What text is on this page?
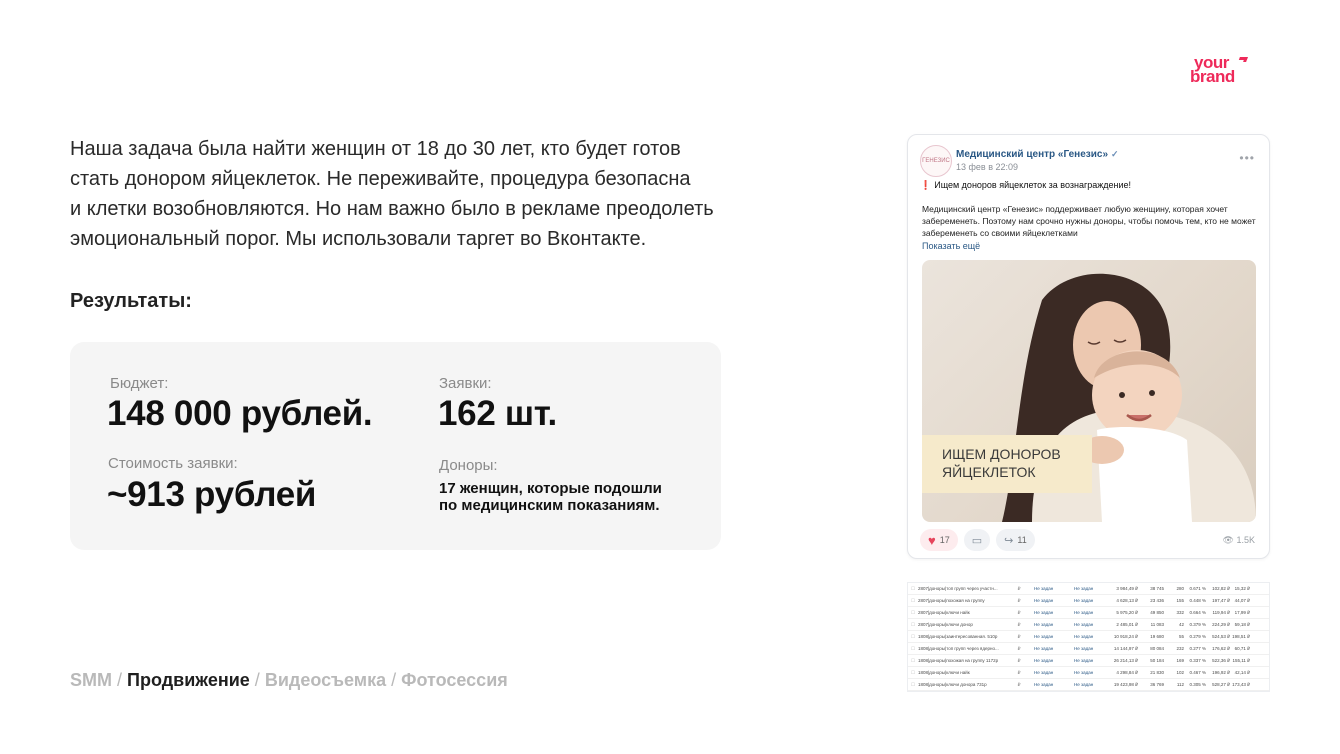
your
brand
Наша задача была найти женщин от 18 до 30 лет, кто будет готов
стать донором яйцеклеток. Не переживайте, процедура безопасна
и клетки возобновляются. Но нам важно было в рекламе преодолеть
эмоциональный порог. Мы использовали таргет во Вконтакте.
Результаты:
Бюджет:
148 000 рублей.
Заявки:
162 шт.
Стоимость заявки:
~913 рублей
Доноры:
17 женщин, которые подошли
по медицинским показаниям.
SMM / Продвижение / Видеосъемка / Фотосессия
ГЕНЕЗИС
Медицинский центр «Генезис» ✓
13 фев в 22:09
•••
❗ Ищем доноров яйцеклеток за вознаграждение!
Медицинский центр «Генезис» поддерживает любую женщину, которая хочет забеременеть. Поэтому нам срочно нужны доноры, чтобы помочь тем, кто не может забеременеть со своими яйцеклетками
Показать ещё
ИЩЕМ ДОНОРОВ
ЯЙЦЕКЛЕТОК
♥ 17 ▭ ↪ 11	👁 1.5K
☐ 2807|доноры|топ групп через участн...	₽	Не задан	Не задан	3 984,49 ₽	38 745	280	0.671 %	102,82 ₽	15,32 ₽
☐ 2807|доноры|похожая на группу	₽	Не задан	Не задан	4 628,13 ₽	23 436	155	0.448 %	197,47 ₽	44,07 ₽
☐ 2807|доноры|ключи найк	₽	Не задан	Не задан	5 975,20 ₽	49 850	332	0.664 %	119,94 ₽	17,99 ₽
☐ 2807|доноры|ключи донор	₽	Не задан	Не задан	2 485,01 ₽	11 083	42	0.379 %	224,29 ₽	59,18 ₽
☐ 1808|доноры|заинтересованная. 510р	₽	Не задан	Не задан	10 918,24 ₽	19 680	55	0.279 %	524,53 ₽ 198,51 ₽
☐ 1808|доноры|топ групп через ядерно...	₽	Не задан	Не задан	14 144,97 ₽	80 084	232	0.277 %	176,62 ₽	60,71 ₽
☐ 1808|доноры|похожая на группу 1172р	₽	Не задан	Не задан	26 214,13 ₽	50 184	169	0.337 %	522,36 ₽ 155,11 ₽
☐ 1808|доноры|ключи найк	₽	Не задан	Не задан	4 298,84 ₽	21 830	102	0.467 %	196,92 ₽	42,14 ₽
☐ 1808|доноры|ключи донора 731р	₽	Не задан	Не задан	19 423,98 ₽	36 769	112	0.305 %	528,27 ₽ 173,43 ₽
